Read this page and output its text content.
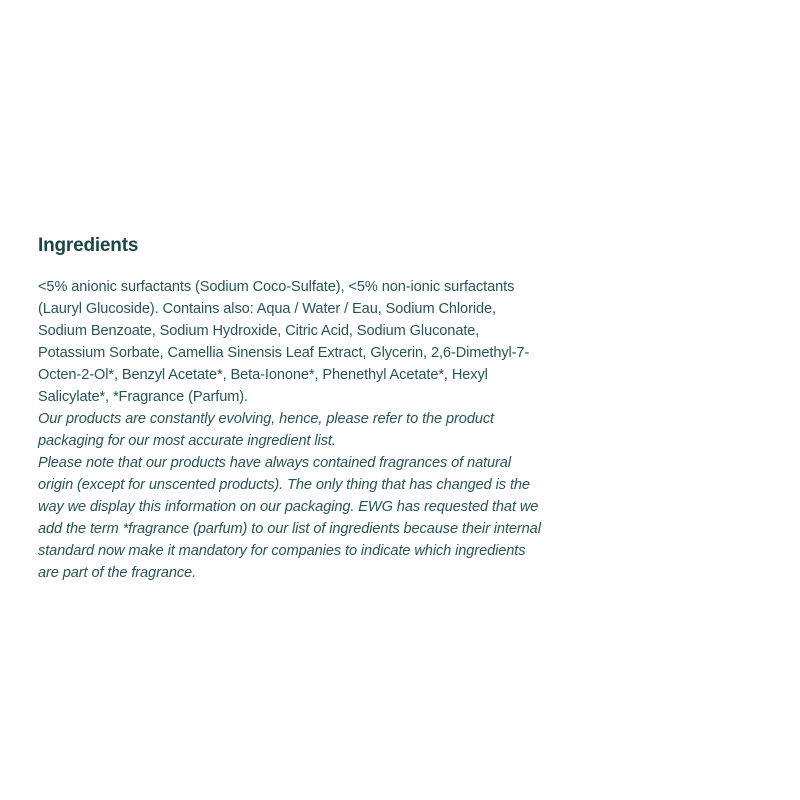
Ingredients

<5% anionic surfactants (Sodium Coco-Sulfate), <5% non-ionic surfactants (Lauryl Glucoside). Contains also: Aqua / Water / Eau, Sodium Chloride, Sodium Benzoate, Sodium Hydroxide, Citric Acid, Sodium Gluconate, Potassium Sorbate, Camellia Sinensis Leaf Extract, Glycerin, 2,6-Dimethyl-7-Octen-2-Ol*, Benzyl Acetate*, Beta-Ionone*, Phenethyl Acetate*, Hexyl Salicylate*, *Fragrance (Parfum).

Our products are constantly evolving, hence, please refer to the product packaging for our most accurate ingredient list.

Please note that our products have always contained fragrances of natural origin (except for unscented products). The only thing that has changed is the way we display this information on our packaging. EWG has requested that we add the term *fragrance (parfum) to our list of ingredients because their internal standard now make it mandatory for companies to indicate which ingredients are part of the fragrance.
